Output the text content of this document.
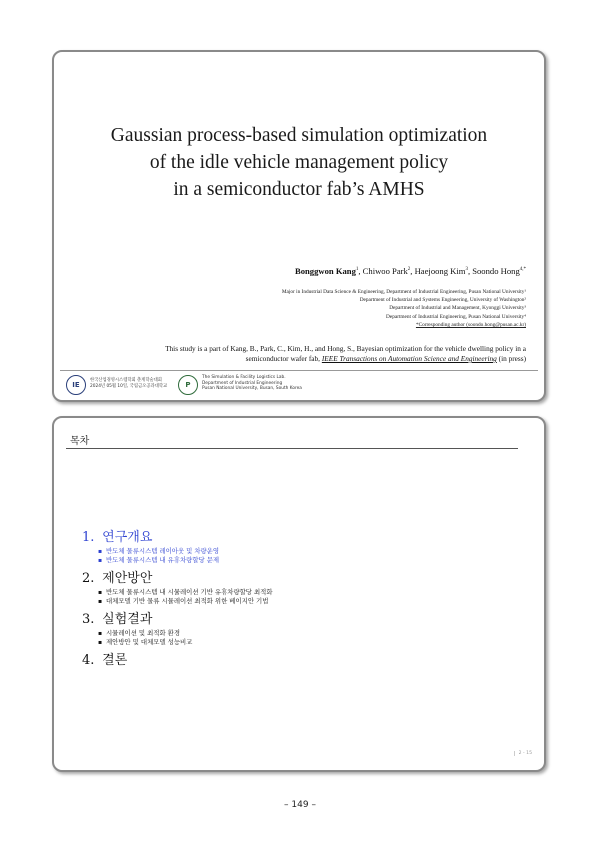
Gaussian process-based simulation optimization
of the idle vehicle management policy
in a semiconductor fab’s AMHS
Bonggwon Kang$^1$, Chiwoo Park$^2$, Haejoong Kim$^3$, Soondo Hong$^{4,*}$
Major in Industrial Data Science & Engineering, Department of Industrial Engineering, Pusan National University¹
Department of Industrial and Systems Engineering, University of Washington²
Department of Industrial and Management, Kyonggi University³
Department of Industrial Engineering, Pusan National University⁴
*Corresponding author (soondo.hong@pusan.ac.kr)
This study is a part of Kang, B., Park, C., Kim, H., and Hong, S., Bayesian optimization for the vehicle dwelling policy in a
semiconductor wafer fab, IEEE Transactions on Automation Science and Engineering (in press)
IE
한국산업경영시스템학회 춘계학술대회
2024년 05월 10일, 국립금오공과대학교	P
The Simulation & Facility Logistics Lab.
Department of Industrial Engineering
Pusan National University, Busan, South Korea
목차
1. 연구개요
▪ 반도체 물류시스템 레이아웃 및 차량운영
▪ 반도체 물류시스템 내 유휴차량할당 문제
2. 제안방안
▪ 반도체 물류시스템 내 시뮬레이션 기반 유휴차량할당 최적화
▪ 대체모델 기반 물류 시뮬레이션 최적화 위한 베이지안 기법
3. 실험결과
▪ 시뮬레이션 및 최적화 환경
▪ 제안방안 및 대체모델 성능비교
4. 결론
2 - 15
– 149 –
